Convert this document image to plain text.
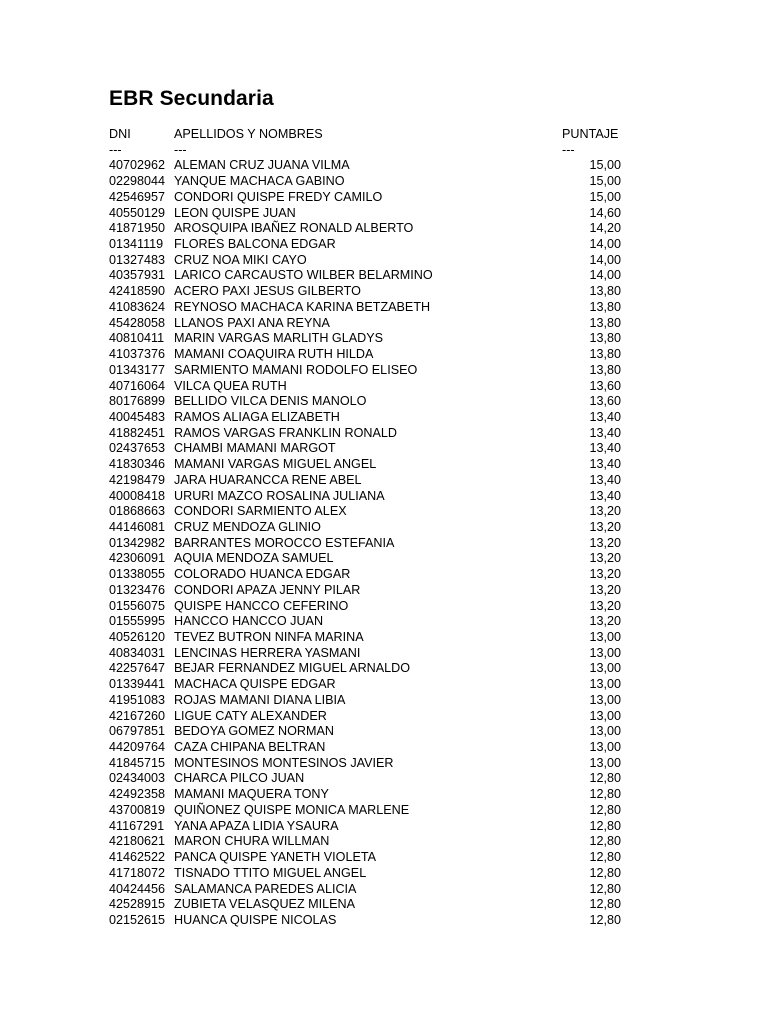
EBR Secundaria
DNI	APELLIDOS Y NOMBRES	PUNTAJE
---	---	---
40702962 ALEMAN CRUZ JUANA VILMA	15,00
02298044 YANQUE MACHACA GABINO	15,00
42546957 CONDORI QUISPE FREDY CAMILO	15,00
40550129 LEON QUISPE JUAN	14,60
41871950 AROSQUIPA IBAÑEZ RONALD ALBERTO	14,20
01341119 FLORES BALCONA EDGAR	14,00
01327483 CRUZ NOA MIKI CAYO	14,00
40357931 LARICO CARCAUSTO WILBER BELARMINO	14,00
42418590 ACERO PAXI JESUS GILBERTO	13,80
41083624 REYNOSO MACHACA KARINA BETZABETH	13,80
45428058 LLANOS PAXI ANA REYNA	13,80
40810411 MARIN VARGAS MARLITH GLADYS	13,80
41037376 MAMANI COAQUIRA RUTH HILDA	13,80
01343177 SARMIENTO MAMANI RODOLFO ELISEO	13,80
40716064 VILCA QUEA RUTH	13,60
80176899 BELLIDO VILCA DENIS MANOLO	13,60
40045483 RAMOS ALIAGA ELIZABETH	13,40
41882451 RAMOS VARGAS FRANKLIN RONALD	13,40
02437653 CHAMBI MAMANI MARGOT	13,40
41830346 MAMANI VARGAS MIGUEL ANGEL	13,40
42198479 JARA HUARANCCA RENE ABEL	13,40
40008418 URURI MAZCO ROSALINA JULIANA	13,40
01868663 CONDORI SARMIENTO ALEX	13,20
44146081 CRUZ MENDOZA GLINIO	13,20
01342982 BARRANTES MOROCCO ESTEFANIA	13,20
42306091 AQUIA MENDOZA SAMUEL	13,20
01338055 COLORADO HUANCA EDGAR	13,20
01323476 CONDORI APAZA JENNY PILAR	13,20
01556075 QUISPE HANCCO CEFERINO	13,20
01555995 HANCCO HANCCO JUAN	13,20
40526120 TEVEZ BUTRON NINFA MARINA	13,00
40834031 LENCINAS HERRERA YASMANI	13,00
42257647 BEJAR FERNANDEZ MIGUEL ARNALDO	13,00
01339441 MACHACA QUISPE EDGAR	13,00
41951083 ROJAS MAMANI DIANA LIBIA	13,00
42167260 LIGUE CATY ALEXANDER	13,00
06797851 BEDOYA GOMEZ NORMAN	13,00
44209764 CAZA CHIPANA BELTRAN	13,00
41845715 MONTESINOS MONTESINOS JAVIER	13,00
02434003 CHARCA PILCO JUAN	12,80
42492358 MAMANI MAQUERA TONY	12,80
43700819 QUIÑONEZ QUISPE MONICA MARLENE	12,80
41167291 YANA APAZA LIDIA YSAURA	12,80
42180621 MARON CHURA WILLMAN	12,80
41462522 PANCA QUISPE YANETH VIOLETA	12,80
41718072 TISNADO TTITO MIGUEL ANGEL	12,80
40424456 SALAMANCA PAREDES ALICIA	12,80
42528915 ZUBIETA VELASQUEZ MILENA	12,80
02152615 HUANCA QUISPE NICOLAS	12,80
